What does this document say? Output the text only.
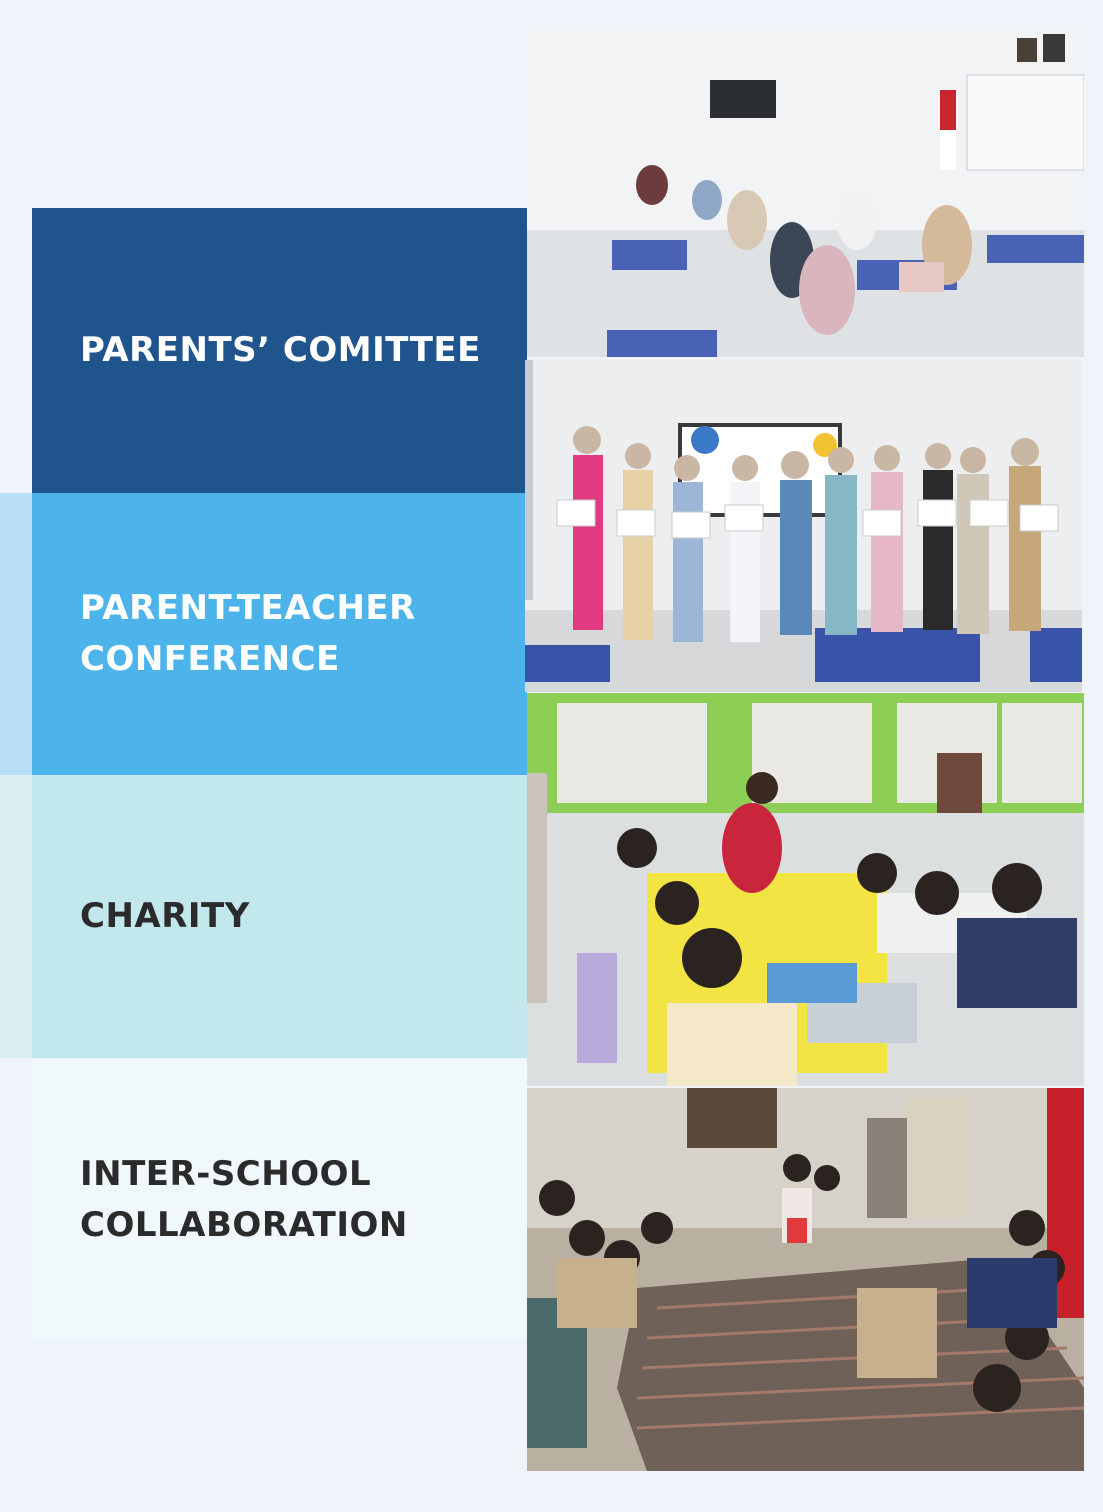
PARENTS’ COMITTEE

PARENT-TEACHER
CONFERENCE

CHARITY

INTER-SCHOOL
COLLABORATION
